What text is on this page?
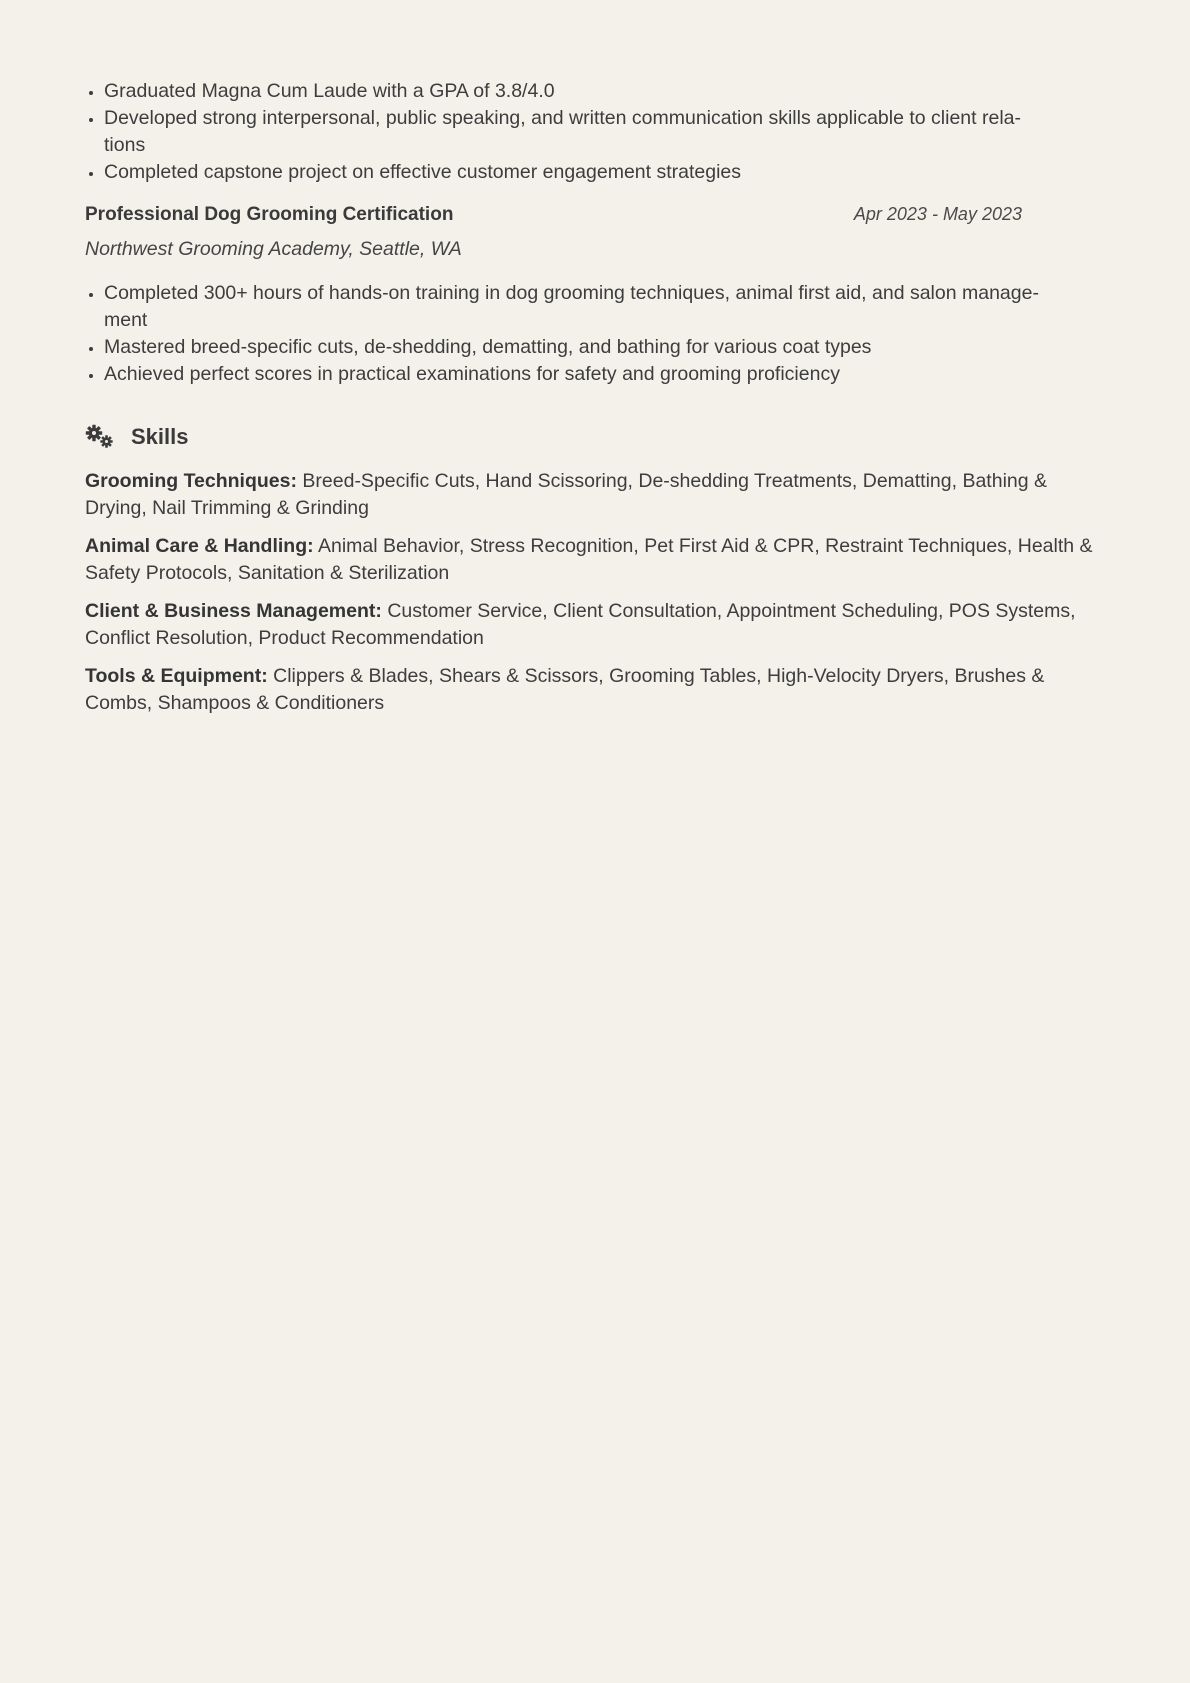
• Graduated Magna Cum Laude with a GPA of 3.8/4.0
• Developed strong interpersonal, public speaking, and written communication skills applicable to client rela-
tions
• Completed capstone project on effective customer engagement strategies
Professional Dog Grooming Certification	Apr 2023 - May 2023
Northwest Grooming Academy, Seattle, WA
• Completed 300+ hours of hands-on training in dog grooming techniques, animal first aid, and salon manage-
ment
• Mastered breed-specific cuts, de-shedding, dematting, and bathing for various coat types
• Achieved perfect scores in practical examinations for safety and grooming proficiency
Skills
Grooming Techniques: Breed-Specific Cuts, Hand Scissoring, De-shedding Treatments, Dematting, Bathing & Drying, Nail Trimming & Grinding
Animal Care & Handling: Animal Behavior, Stress Recognition, Pet First Aid & CPR, Restraint Techniques, Health & Safety Protocols, Sanitation & Sterilization
Client & Business Management: Customer Service, Client Consultation, Appointment Scheduling, POS Systems, Conflict Resolution, Product Recommendation
Tools & Equipment: Clippers & Blades, Shears & Scissors, Grooming Tables, High-Velocity Dryers, Brushes & Combs, Shampoos & Conditioners
